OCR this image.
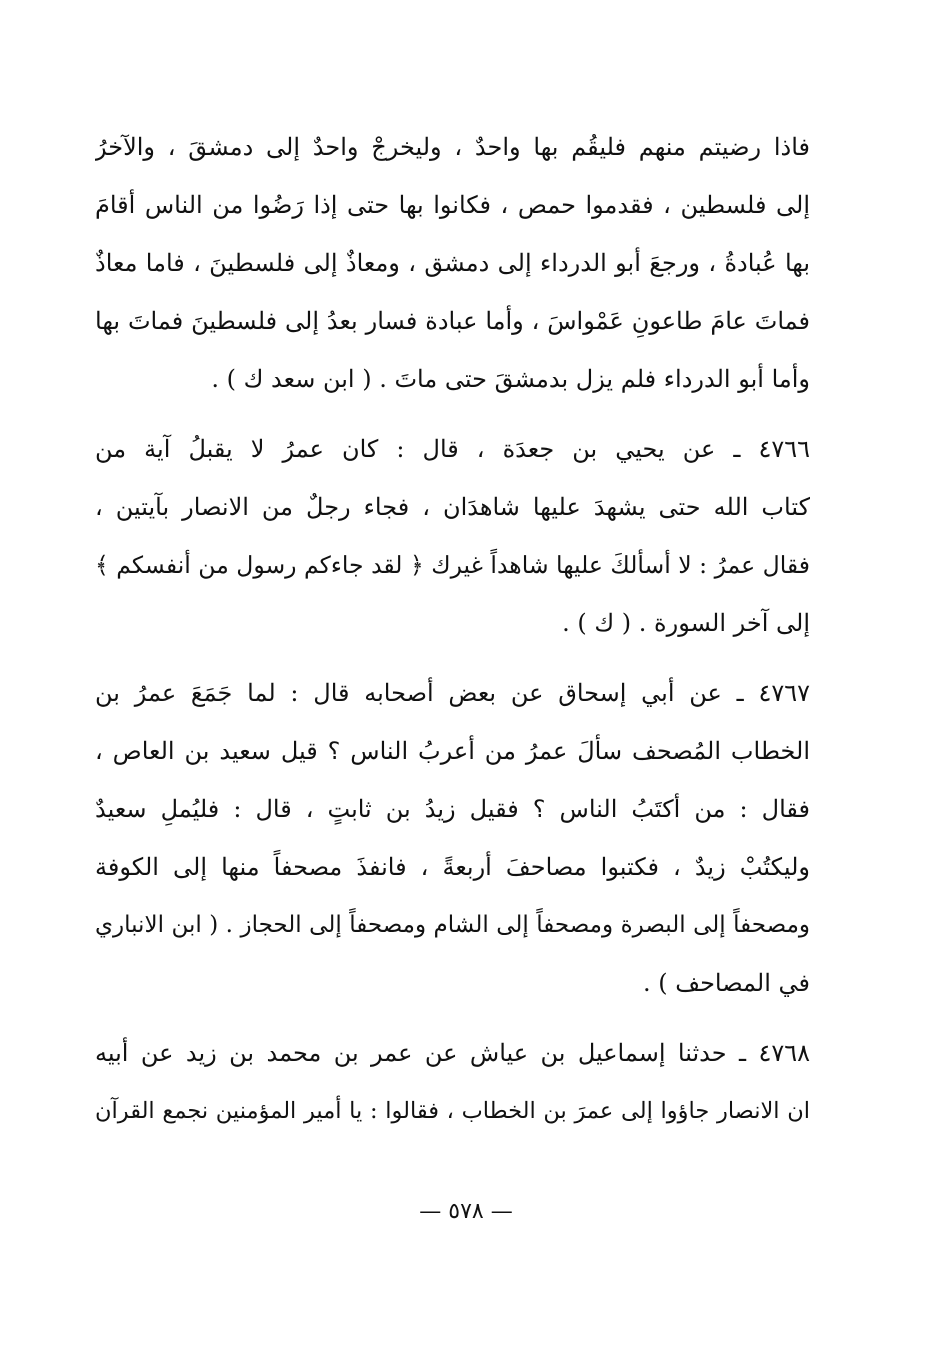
فاذا رضيتم منهم فليقُم بها واحدٌ ، وليخرجْ واحدٌ إلى دمشقَ ، والآخرُ
إلى فلسطين ، فقدموا حمص ، فكانوا بها حتى إذا رَضُوا من الناس أقامَ
بها عُبادةُ ، ورجعَ أبو الدرداء إلى دمشق ، ومعاذٌ إلى فلسطينَ ، فاما معاذٌ
فماتَ عامَ طاعونِ عَمْواسَ ، وأما عبادة فسار بعدُ إلى فلسطينَ فماتَ بها
وأما أبو الدرداء فلم يزل بدمشقَ حتى ماتَ . ( ابن سعد ك ) .
٤٧٦٦ ـ عن يحيي بن جعدَة ، قال : كان عمرُ لا يقبلُ آية من
كتاب الله حتى يشهدَ عليها شاهدَان ، فجاء رجلٌ من الانصار بآيتين ،
فقال عمرُ : لا أسألكَ عليها شاهداً غيرك ﴿ لقد جاءكم رسول من أنفسكم ﴾
إلى آخر السورة . ( ك ) .
٤٧٦٧ ـ عن أبي إسحاق عن بعض أصحابه قال : لما جَمَعَ عمرُ بن
الخطاب المُصحف سألَ عمرُ من أعربُ الناس ؟ قيل سعيد بن العاص ،
فقال : من أكتَبُ الناس ؟ فقيل زيدُ بن ثابتٍ ، قال : فليُملِ سعيدٌ
وليكتُبْ زيدٌ ، فكتبوا مصاحفَ أربعةً ، فانفذَ مصحفاً منها إلى الكوفة
ومصحفاً إلى البصرة ومصحفاً إلى الشام ومصحفاً إلى الحجاز . ( ابن الانباري
في المصاحف ) .
٤٧٦٨ ـ حدثنا إسماعيل بن عياش عن عمر بن محمد بن زيد عن أبيه
ان الانصار جاؤوا إلى عمرَ بن الخطاب ، فقالوا : يا أمير المؤمنين نجمع القرآن
— ٥٧٨ —
